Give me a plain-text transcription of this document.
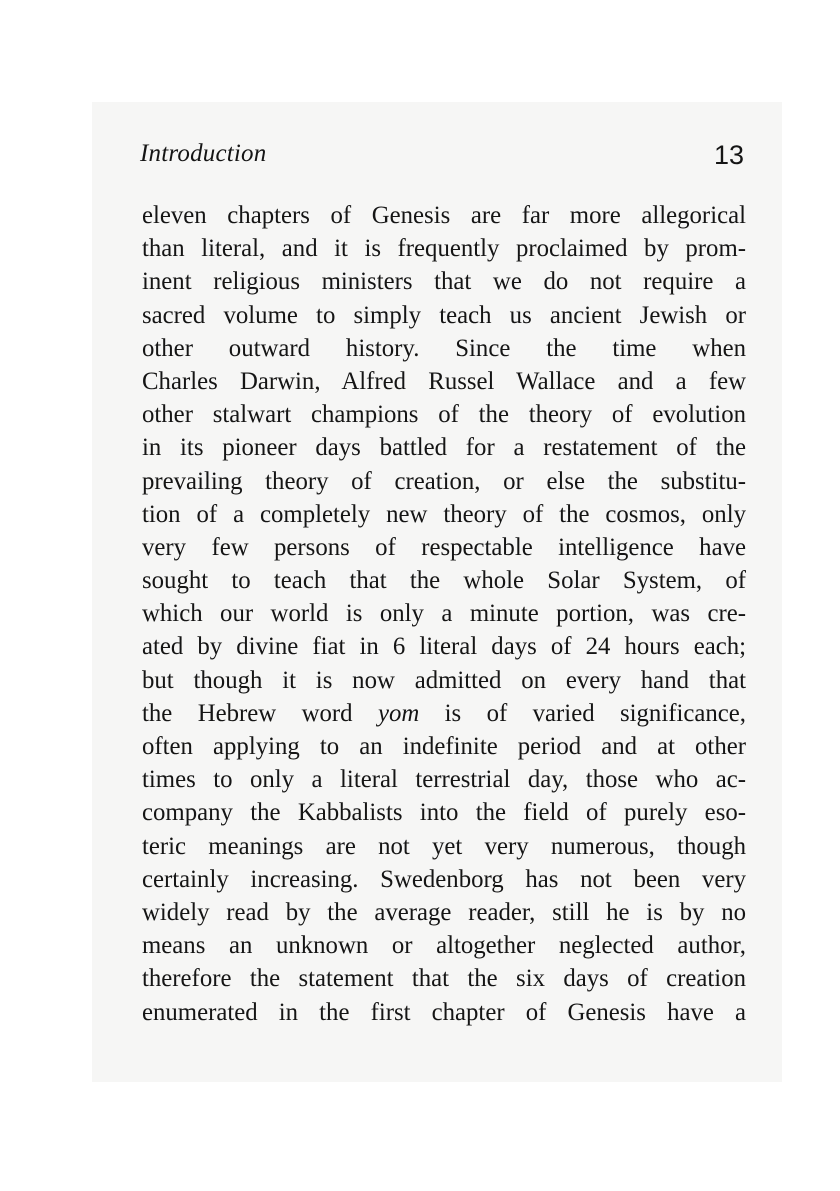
Introduction	13
eleven chapters of Genesis are far more allegorical
than literal, and it is frequently proclaimed by prom-
inent religious ministers that we do not require a
sacred volume to simply teach us ancient Jewish or
other outward history. Since the time when
Charles Darwin, Alfred Russel Wallace and a few
other stalwart champions of the theory of evolution
in its pioneer days battled for a restatement of the
prevailing theory of creation, or else the substitu-
tion of a completely new theory of the cosmos, only
very few persons of respectable intelligence have
sought to teach that the whole Solar System, of
which our world is only a minute portion, was cre-
ated by divine fiat in 6 literal days of 24 hours each;
but though it is now admitted on every hand that
the Hebrew word yom is of varied significance,
often applying to an indefinite period and at other
times to only a literal terrestrial day, those who ac-
company the Kabbalists into the field of purely eso-
teric meanings are not yet very numerous, though
certainly increasing. Swedenborg has not been very
widely read by the average reader, still he is by no
means an unknown or altogether neglected author,
therefore the statement that the six days of creation
enumerated in the first chapter of Genesis have a
